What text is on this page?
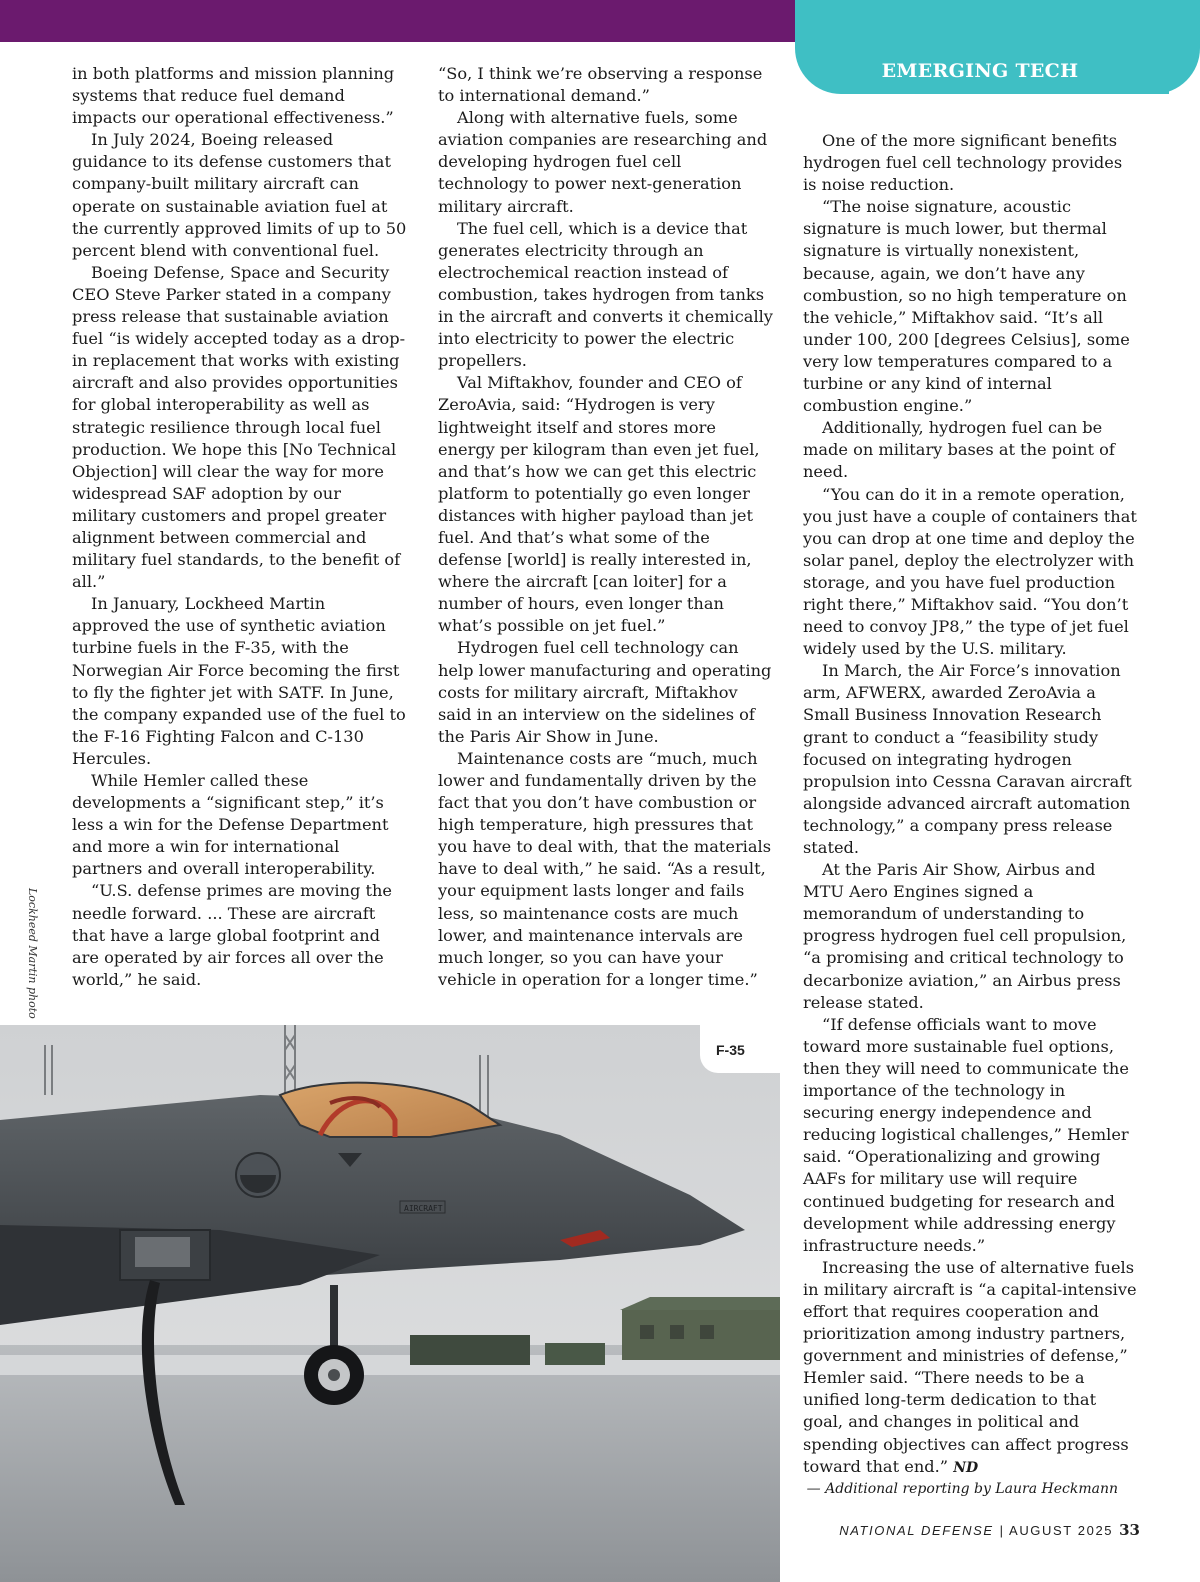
EMERGING TECH

in both platforms and mission planning systems that reduce fuel demand impacts our operational effectiveness.”

In July 2024, Boeing released guidance to its defense customers that company-built military aircraft can operate on sustainable aviation fuel at the currently approved limits of up to 50 percent blend with conventional fuel.

Boeing Defense, Space and Security CEO Steve Parker stated in a company press release that sustainable aviation fuel “is widely accepted today as a drop-in replacement that works with existing aircraft and also provides opportunities for global interoperability as well as strategic resilience through local fuel production. We hope this [No Technical Objection] will clear the way for more widespread SAF adoption by our military customers and propel greater alignment between commercial and military fuel standards, to the benefit of all.”

In January, Lockheed Martin approved the use of synthetic aviation turbine fuels in the F-35, with the Norwegian Air Force becoming the first to fly the fighter jet with SATF. In June, the company expanded use of the fuel to the F-16 Fighting Falcon and C-130 Hercules.

While Hemler called these developments a “significant step,” it’s less a win for the Defense Department and more a win for international partners and overall interoperability.

“U.S. defense primes are moving the needle forward. ... These are aircraft that have a large global footprint and are operated by air forces all over the world,” he said.

“So, I think we’re observing a response to international demand.”

Along with alternative fuels, some aviation companies are researching and developing hydrogen fuel cell technology to power next-generation military aircraft.

The fuel cell, which is a device that generates electricity through an electrochemical reaction instead of combustion, takes hydrogen from tanks in the aircraft and converts it chemically into electricity to power the electric propellers.

Val Miftakhov, founder and CEO of ZeroAvia, said: “Hydrogen is very lightweight itself and stores more energy per kilogram than even jet fuel, and that’s how we can get this electric platform to potentially go even longer distances with higher payload than jet fuel. And that’s what some of the defense [world] is really interested in, where the aircraft [can loiter] for a number of hours, even longer than what’s possible on jet fuel.”

Hydrogen fuel cell technology can help lower manufacturing and operating costs for military aircraft, Miftakhov said in an interview on the sidelines of the Paris Air Show in June.

Maintenance costs are “much, much lower and fundamentally driven by the fact that you don’t have combustion or high temperature, high pressures that you have to deal with, that the materials have to deal with,” he said. “As a result, your equipment lasts longer and fails less, so maintenance costs are much lower, and maintenance intervals are much longer, so you can have your vehicle in operation for a longer time.”

One of the more significant benefits hydrogen fuel cell technology provides is noise reduction.

“The noise signature, acoustic signature is much lower, but thermal signature is virtually nonexistent, because, again, we don’t have any combustion, so no high temperature on the vehicle,” Miftakhov said. “It’s all under 100, 200 [degrees Celsius], some very low temperatures compared to a turbine or any kind of internal combustion engine.”

Additionally, hydrogen fuel can be made on military bases at the point of need.

“You can do it in a remote operation, you just have a couple of containers that you can drop at one time and deploy the solar panel, deploy the electrolyzer with storage, and you have fuel production right there,” Miftakhov said. “You don’t need to convoy JP8,” the type of jet fuel widely used by the U.S. military.

In March, the Air Force’s innovation arm, AFWERX, awarded ZeroAvia a Small Business Innovation Research grant to conduct a “feasibility study focused on integrating hydrogen propulsion into Cessna Caravan aircraft alongside advanced aircraft automation technology,” a company press release stated.

At the Paris Air Show, Airbus and MTU Aero Engines signed a memorandum of understanding to progress hydrogen fuel cell propulsion, “a promising and critical technology to decarbonize aviation,” an Airbus press release stated.

“If defense officials want to move toward more sustainable fuel options, then they will need to communicate the importance of the technology in securing energy independence and reducing logistical challenges,” Hemler said. “Operationalizing and growing AAFs for military use will require continued budgeting for research and development while addressing energy infrastructure needs.”

Increasing the use of alternative fuels in military aircraft is “a capital-intensive effort that requires cooperation and prioritization among industry partners, government and ministries of defense,” Hemler said. “There needs to be a unified long-term dedication to that goal, and changes in political and spending objectives can affect progress toward that end.” ND

— Additional reporting by Laura Heckmann

Lockheed Martin photo
AIRCRAFT
F-35
NATIONAL DEFENSE | AUGUST 2025 33
